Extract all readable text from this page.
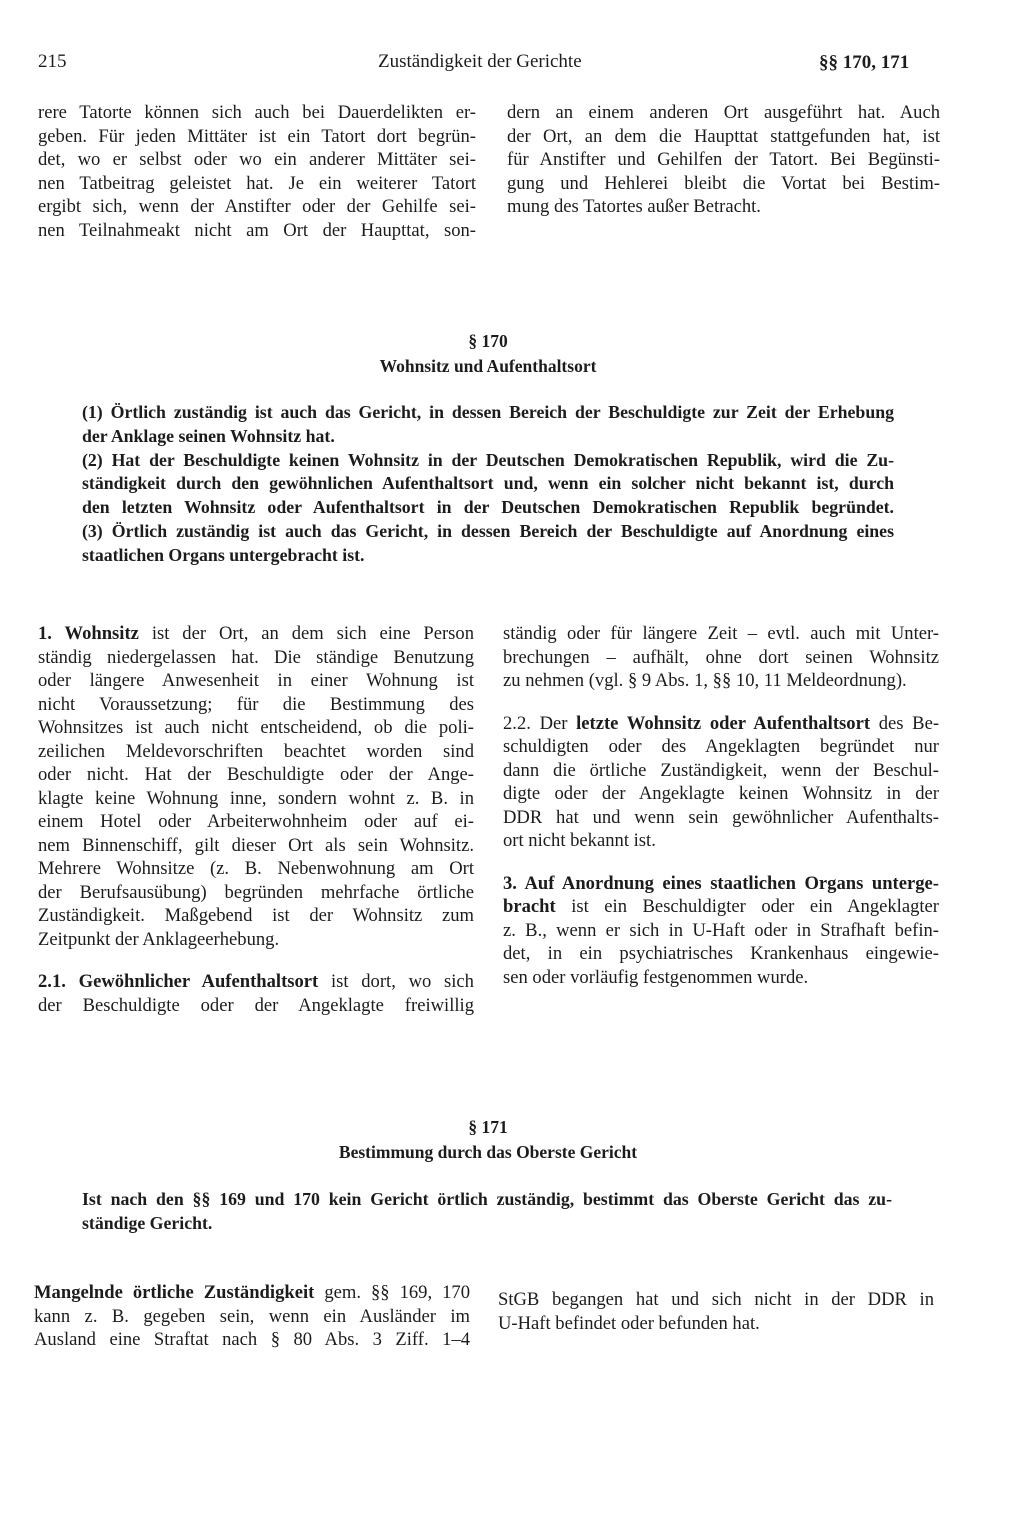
215	Zuständigkeit der Gerichte	§§ 170, 171
rere Tatorte können sich auch bei Dauerdelikten er-
geben. Für jeden Mittäter ist ein Tatort dort begrün-
det, wo er selbst oder wo ein anderer Mittäter sei-
nen Tatbeitrag geleistet hat. Je ein weiterer Tatort
ergibt sich, wenn der Anstifter oder der Gehilfe sei-
nen Teilnahmeakt nicht am Ort der Haupttat, son-
dern an einem anderen Ort ausgeführt hat. Auch
der Ort, an dem die Haupttat stattgefunden hat, ist
für Anstifter und Gehilfen der Tatort. Bei Begünsti-
gung und Hehlerei bleibt die Vortat bei Bestim-
mung des Tatortes außer Betracht.
§ 170
Wohnsitz und Aufenthaltsort
(1) Örtlich zuständig ist auch das Gericht, in dessen Bereich der Beschuldigte zur Zeit der Erhebung
der Anklage seinen Wohnsitz hat.
(2) Hat der Beschuldigte keinen Wohnsitz in der Deutschen Demokratischen Republik, wird die Zu-
ständigkeit durch den gewöhnlichen Aufenthaltsort und, wenn ein solcher nicht bekannt ist, durch
den letzten Wohnsitz oder Aufenthaltsort in der Deutschen Demokratischen Republik begründet.
(3) Örtlich zuständig ist auch das Gericht, in dessen Bereich der Beschuldigte auf Anordnung eines
staatlichen Organs untergebracht ist.

1. Wohnsitz ist der Ort, an dem sich eine Person
ständig niedergelassen hat. Die ständige Benutzung
oder längere Anwesenheit in einer Wohnung ist
nicht Voraussetzung; für die Bestimmung des
Wohnsitzes ist auch nicht entscheidend, ob die poli-
zeilichen Meldevorschriften beachtet worden sind
oder nicht. Hat der Beschuldigte oder der Ange-
klagte keine Wohnung inne, sondern wohnt z. B. in
einem Hotel oder Arbeiterwohnheim oder auf ei-
nem Binnenschiff, gilt dieser Ort als sein Wohnsitz.
Mehrere Wohnsitze (z. B. Nebenwohnung am Ort
der Berufsausübung) begründen mehrfache örtliche
Zuständigkeit. Maßgebend ist der Wohnsitz zum
Zeitpunkt der Anklageerhebung.

2.1. Gewöhnlicher Aufenthaltsort ist dort, wo sich
der Beschuldigte oder der Angeklagte freiwillig

ständig oder für längere Zeit – evtl. auch mit Unter-
brechungen – aufhält, ohne dort seinen Wohnsitz
zu nehmen (vgl. § 9 Abs. 1, §§ 10, 11 Meldeordnung).

2.2. Der letzte Wohnsitz oder Aufenthaltsort des Be-
schuldigten oder des Angeklagten begründet nur
dann die örtliche Zuständigkeit, wenn der Beschul-
digte oder der Angeklagte keinen Wohnsitz in der
DDR hat und wenn sein gewöhnlicher Aufenthalts-
ort nicht bekannt ist.

3. Auf Anordnung eines staatlichen Organs unterge-
bracht ist ein Beschuldigter oder ein Angeklagter
z. B., wenn er sich in U-Haft oder in Strafhaft befin-
det, in ein psychiatrisches Krankenhaus eingewie-
sen oder vorläufig festgenommen wurde.

§ 171
Bestimmung durch das Oberste Gericht
Ist nach den §§ 169 und 170 kein Gericht örtlich zuständig, bestimmt das Oberste Gericht das zu-
ständige Gericht.
Mangelnde örtliche Zuständigkeit gem. §§ 169, 170
kann z. B. gegeben sein, wenn ein Ausländer im
Ausland eine Straftat nach § 80 Abs. 3 Ziff. 1–4
StGB begangen hat und sich nicht in der DDR in
U-Haft befindet oder befunden hat.
